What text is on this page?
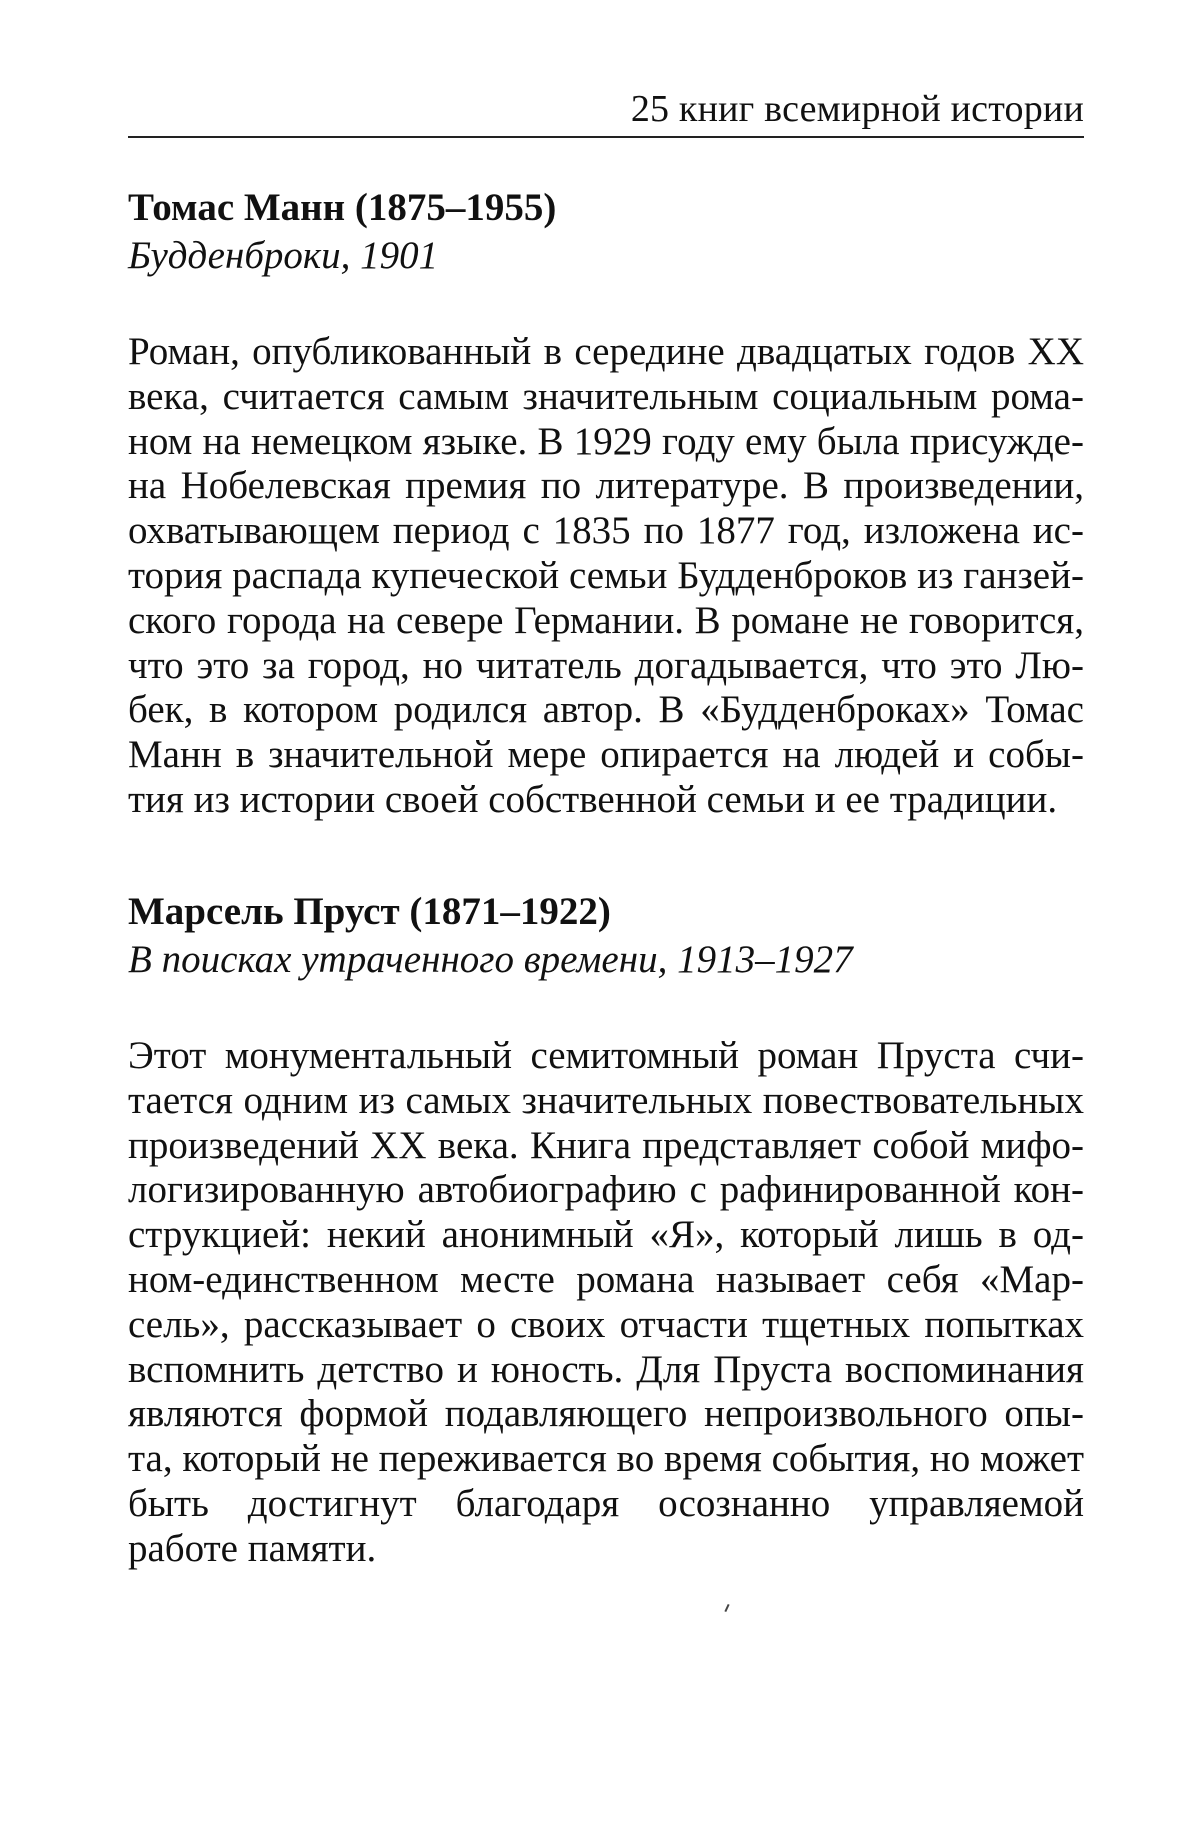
25 книг всемирной истории

Томас Манн (1875–1955)

Будденброки, 1901

Роман, опубликованный в середине двадцатых годов XX века, считается самым значительным социальным романом на немецком языке. В 1929 году ему была присуждена Нобелевская премия по литературе. В произведении, охватывающем период с 1835 по 1877 год, изложена история распада купеческой семьи Будденброков из ганзейского города на севере Германии. В романе не говорится, что это за город, но читатель догадывается, что это Любек, в котором родился автор. В «Будденброках» Томас Манн в значительной мере опирается на людей и события из истории своей собственной семьи и ее традиции.

Марсель Пруст (1871–1922)

В поисках утраченного времени, 1913–1927

Этот монументальный семитомный роман Пруста считается одним из самых значительных повествовательных произведений XX века. Книга представляет собой мифологизированную автобиографию с рафинированной конструкцией: некий анонимный «Я», который лишь в одном-единственном месте романа называет себя «Марсель», рассказывает о своих отчасти тщетных попытках вспомнить детство и юность. Для Пруста воспоминания являются формой подавляющего непроизвольного опыта, который не переживается во время события, но может быть достигнут благодаря осознанно управляемой работе памяти.
